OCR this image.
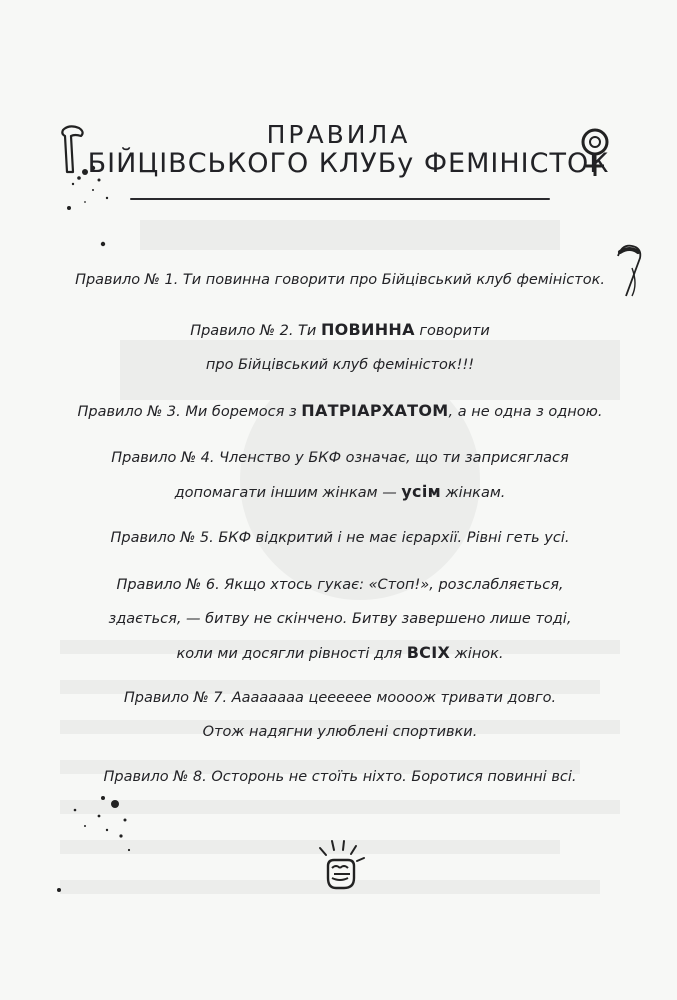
ПРАВИЛА
БІЙЦІВСЬКОГО КЛУБу ФЕМІНІСТОК
Правило № 1. Ти повинна говорити про Бійцівський клуб феміністок.
Правило № 2. Ти ПОВИННА говорити
про Бійцівський клуб феміністок!!!
Правило № 3. Ми боремося з ПАТРІАРХАТОМ, а не одна з одною.
Правило № 4. Членство у БКФ означає, що ти заприсяглася
допомагати іншим жінкам — усім жінкам.
Правило № 5. БКФ відкритий і не має ієрархії. Рівні геть усі.
Правило № 6. Якщо хтось гукає: «Стоп!», розслабляється,
здається, — битву не скінчено. Битву завершено лише тоді,
коли ми досягли рівності для ВСІХ жінок.
Правило № 7. Аааааааа цееееее моооож тривати довго.
Отож надягни улюблені спортивки.
Правило № 8. Осторонь не стоїть ніхто. Боротися повинні всі.
